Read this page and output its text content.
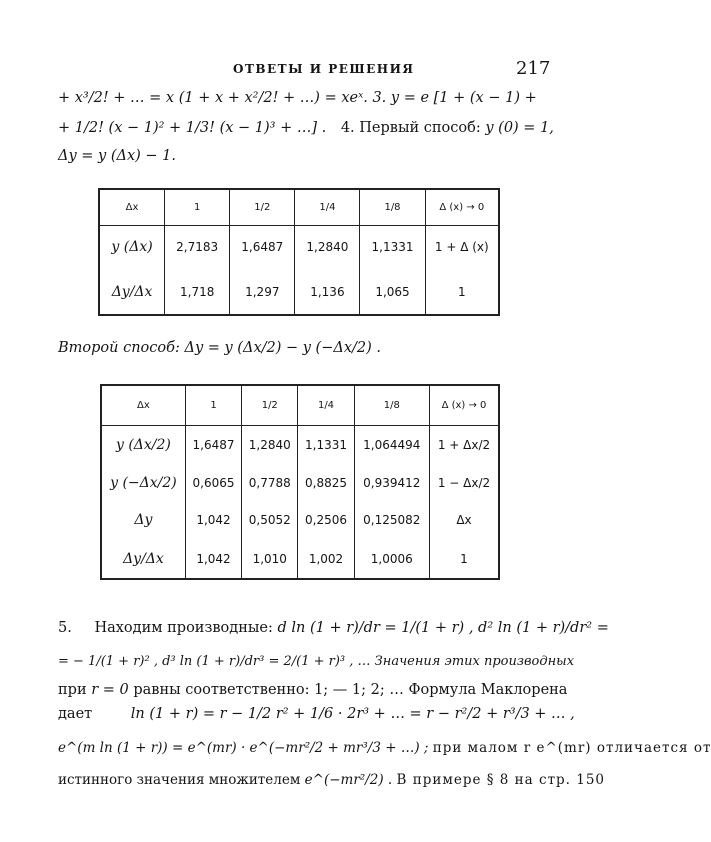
ОТВЕТЫ И РЕШЕНИЯ	217
+ x³/2! + … = x (1 + x + x²/2! + …) = xeˣ. 3. y = e [1 + (x − 1) +
+ 1/2! (x − 1)² + 1/3! (x − 1)³ + …] . 4. Первый способ: y (0) = 1,
Δy = y (Δx) − 1.
Δx	1	1/2	1/4	1/8	Δ (x) → 0
y (Δx)	2,7183	1,6487	1,2840	1,1331	1 + Δ (x)
Δy/Δx	1,718	1,297	1,136	1,065	1
Второй способ: Δy = y (Δx/2) − y (−Δx/2) .
Δx	1	1/2	1/4	1/8	Δ (x) → 0
y (Δx/2)	1,6487	1,2840	1,1331	1,064494	1 + Δx/2
y (−Δx/2)	0,6065	0,7788	0,8825	0,939412	1 − Δx/2
Δy	1,042	0,5052	0,2506	0,125082	Δx
Δy/Δx	1,042	1,010	1,002	1,0006	1
5. Находим производные: d ln (1 + r)/dr = 1/(1 + r) , d² ln (1 + r)/dr² =
= − 1/(1 + r)² , d³ ln (1 + r)/dr³ = 2/(1 + r)³ , … Значения этих производных
при r = 0 равны соответственно: 1; — 1; 2; … Формула Маклорена
дает	ln (1 + r) = r − 1/2 r² + 1/6 · 2r³ + … = r − r²/2 + r³/3 + … ,
e^(m ln (1 + r)) = e^(mr) · e^(−mr²/2 + mr³/3 + …) ; при малом r e^(mr) отличается от
истинного значения множителем e^(−mr²/2) . В примере § 8 на стр. 150
